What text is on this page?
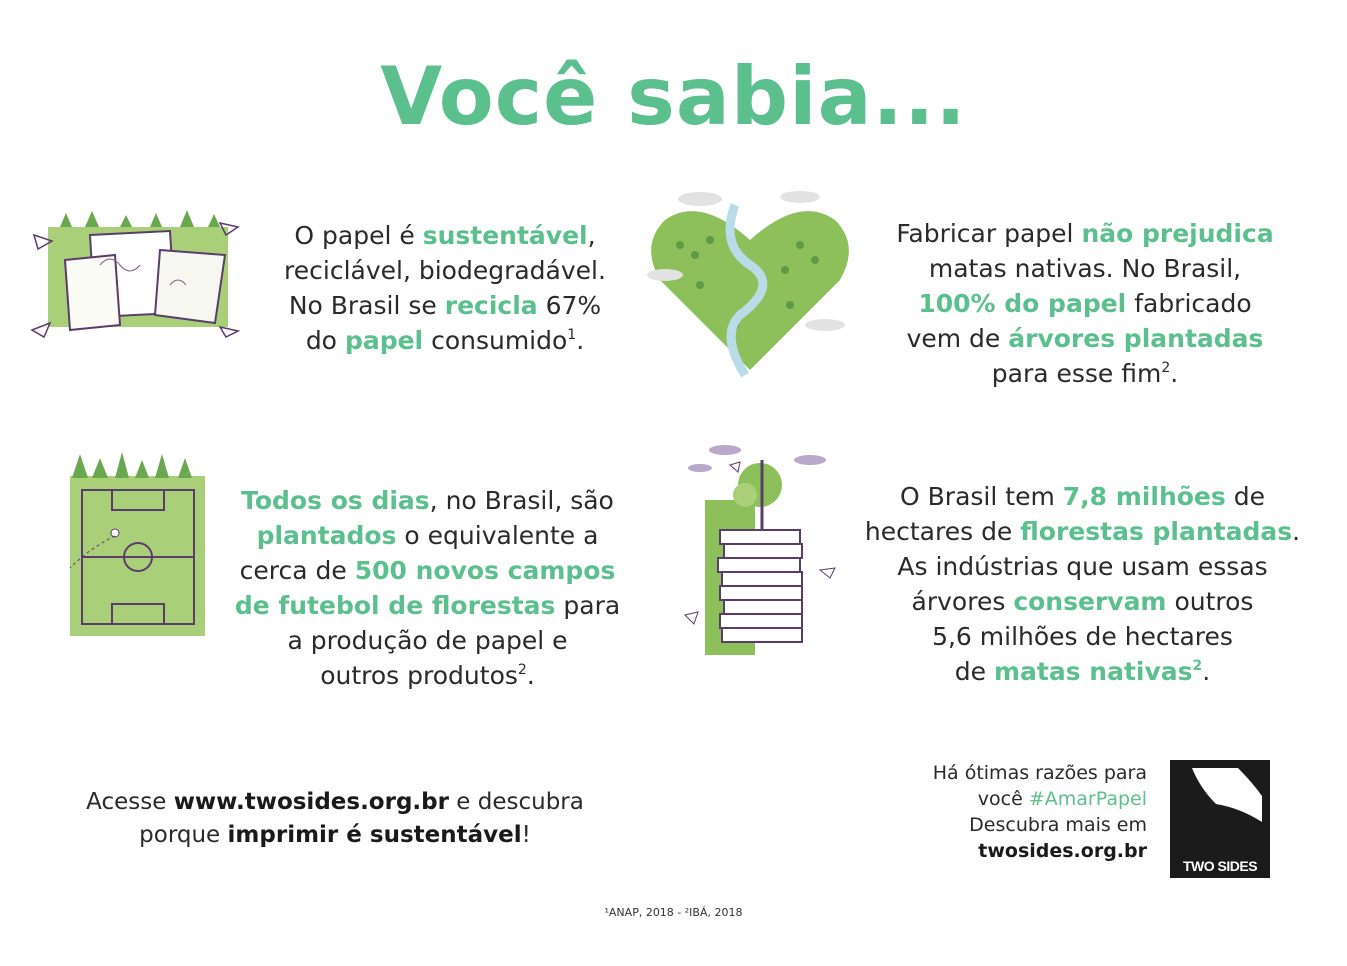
Você sabia...
O papel é sustentável,
reciclável, biodegradável.
No Brasil se recicla 67%
do papel consumido$^1$.
Fabricar papel não prejudica
matas nativas. No Brasil,
100% do papel fabricado
vem de árvores plantadas
para esse fim$^2$.
Todos os dias, no Brasil, são
plantados o equivalente a
cerca de 500 novos campos
de futebol de florestas para
a produção de papel e
outros produtos$^2$.
O Brasil tem 7,8 milhões de
hectares de florestas plantadas.
As indústrias que usam essas
árvores conservam outros
5,6 milhões de hectares
de matas nativas$^2$.
Acesse www.twosides.org.br e descubra
porque imprimir é sustentável!
Há ótimas razões para
você #AmarPapel
Descubra mais em
twosides.org.br
TWO SIDES
¹ANAP, 2018 - ²IBÁ, 2018
